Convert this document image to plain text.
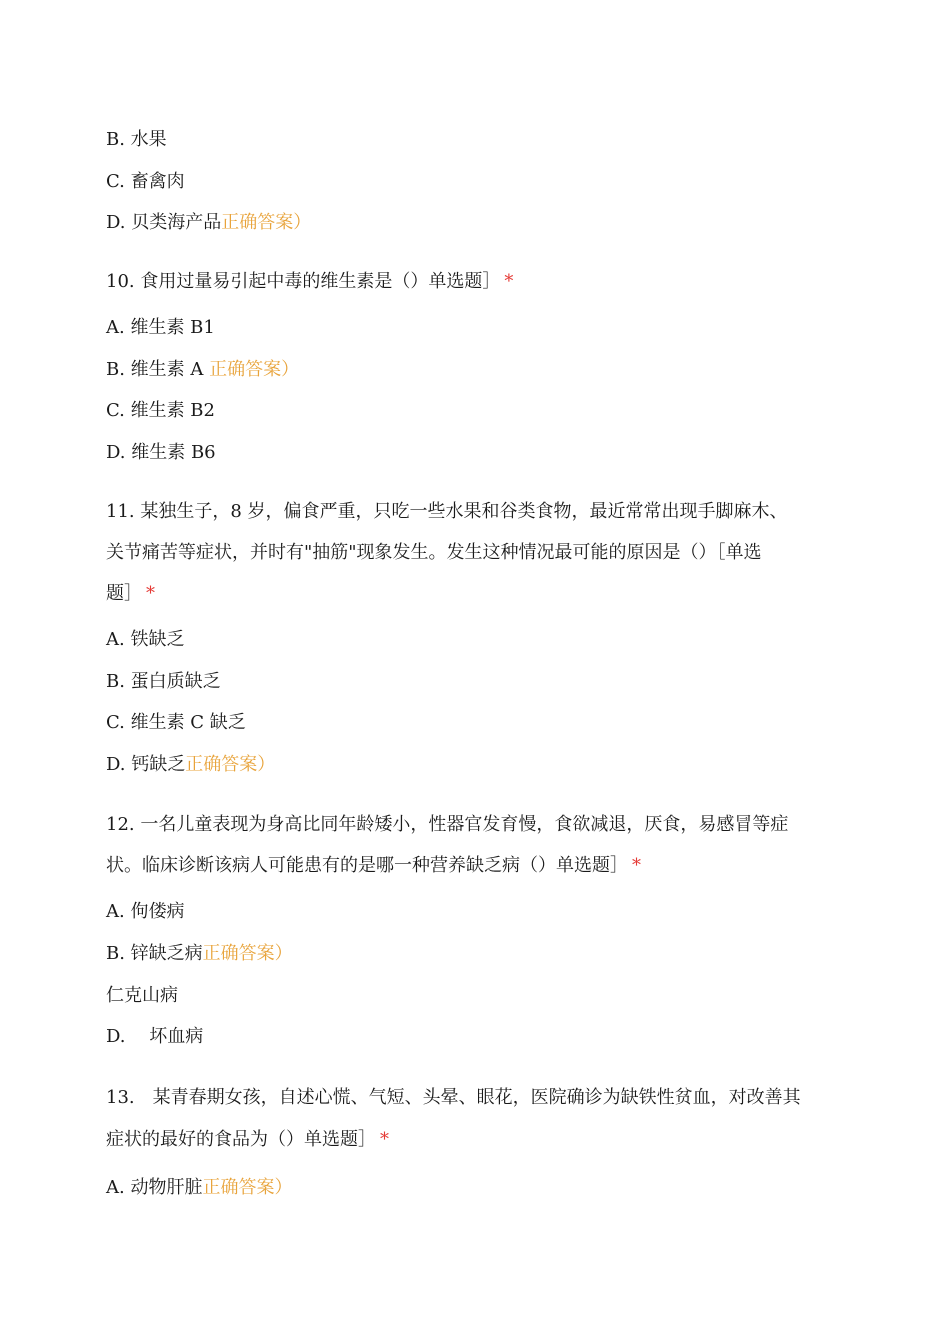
B. 水果
C. 畜禽肉
D. 贝类海产品正确答案）
10. 食用过量易引起中毒的维生素是（）单选题］ *
A. 维生素 B1
B. 维生素 A 正确答案）
C. 维生素 B2
D. 维生素 B6
11. 某独生子，8 岁，偏食严重，只吃一些水果和谷类食物，最近常常出现手脚麻木、
关节痛苦等症状，并时有"抽筋"现象发生。发生这种情况最可能的原因是（）［单选
题］ *
A. 铁缺乏
B. 蛋白质缺乏
C. 维生素 C 缺乏
D. 钙缺乏正确答案）
12. 一名儿童表现为身高比同年龄矮小，性器官发育慢，食欲减退，厌食，易感冒等症
状。临床诊断该病人可能患有的是哪一种营养缺乏病（）单选题］ *
A. 佝偻病
B. 锌缺乏病正确答案）
仁克山病
D.　 坏血病
13.　某青春期女孩，自述心慌、气短、头晕、眼花，医院确诊为缺铁性贫血，对改善其
症状的最好的食品为（）单选题］ *
A. 动物肝脏正确答案）
